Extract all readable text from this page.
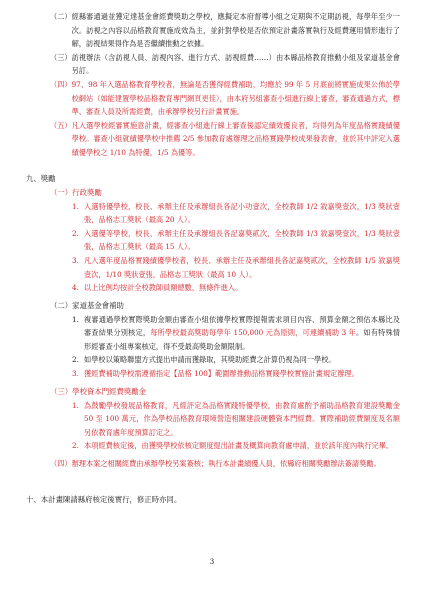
（二） 經縣審通過並獲定達基金會經費獎助之學校，應擬定本府督導小組之定期與不定期訪視，每學年至少一次。訪視之內容以品格教育實施成效為主，並針對學校是否依預定計畫落實執行及經費運用情形進行了解，訪視結果得作為是否繼續推動之依據。
（三） 訪視辦法（含訪視人員、訪視內容、進行方式、訪視經費……）由本縣品格教育推動小組及家道基金會另訂。
（四） 97、98 年入選品格教育學校者，無論是否獲得經費補助，均應於 99 年 5 月底前將實施成果公佈於學校網站（如能建置學校品格教育專門網頁更佳），由本府另組審查小組進行線上審查，審查通過方式，標準、審查人員及所需經費，由承辦學校另行計畫實施。
（五） 凡入選學校經審實施意計畫，經審查小組進行線上審查後認定績效優良者，均得列為年度品格實踐績優學校。審查小組就績優學校中推薦 2/5 參加教育處辦理之品格實踐學校成果發表會，並於其中評定入選績優學校之 1/10 為特優，1/5 為優等。

九、獎勵

（一）行政獎勵

1. 入選特優學校，校長、承辦主任及承辦組長各記小功壹次，全校教師 1/2 敘嘉獎壹次，1/3 獎狀壹張，品格志工獎狀（最高 20 人）。
2. 入選優等學校，校長、承辦主任及承辦組長各記嘉獎貳次，全校教師 1/3 敘嘉獎壹次，1/3 獎狀壹張，品格志工獎狀（最高 15 人）。
3. 凡入選年度品格實踐績優學校者，校長、承辦主任及承辦組長各記嘉獎貳次，全校教師 1/5 敘嘉獎壹次，1/10 獎狀壹張，品格志工獎狀（最高 10 人）。
4. 以上比例均按計全校教師員額總數，無條件進入。

（二）家道基金會補助

1. 複審通過學校實際獎助金額由審查小組依據學校實際提報需求項目內容、預算金額之預估本縣比及審查結果分別核定，每所學校最高獎助每學年 150,000 元為原則，可連續補助 3 年。如有特殊情形經審查小組專案核定，得不受最高獎助金額限制。
2. 如學校以策略聯盟方式提出申請而獲錄取，其獎助經費之計算仍視為同一學校。
3. 獲經費補助學校需遵循指定【品格 100】範圍辦推動品格實踐學校實施計畫規定辦理。

（三）學校資本門經費獎勵金

1. 為鼓勵學校發展品格教育，凡經評定為品格實踐特優學校，由教育處酌予補助品格教育建設獎勵金 50 至 100 萬元，作為學校品格教育環境營造相關建設硬體資本門經費。實際補助經費額度及名額另依教育處年度預算訂定之。
2. 本項經費核定後，由獲獎學校依核定額度提出計畫及概算向教育處申請，並於該年度內執行完畢。
（四） 辦理本案之相關經費由承辦學校另案簽核；執行本計畫績優人員，依縣府相關獎勵辦法簽請獎勵。

十、本計畫陳請縣府核定後實行，修正時亦同。

3
